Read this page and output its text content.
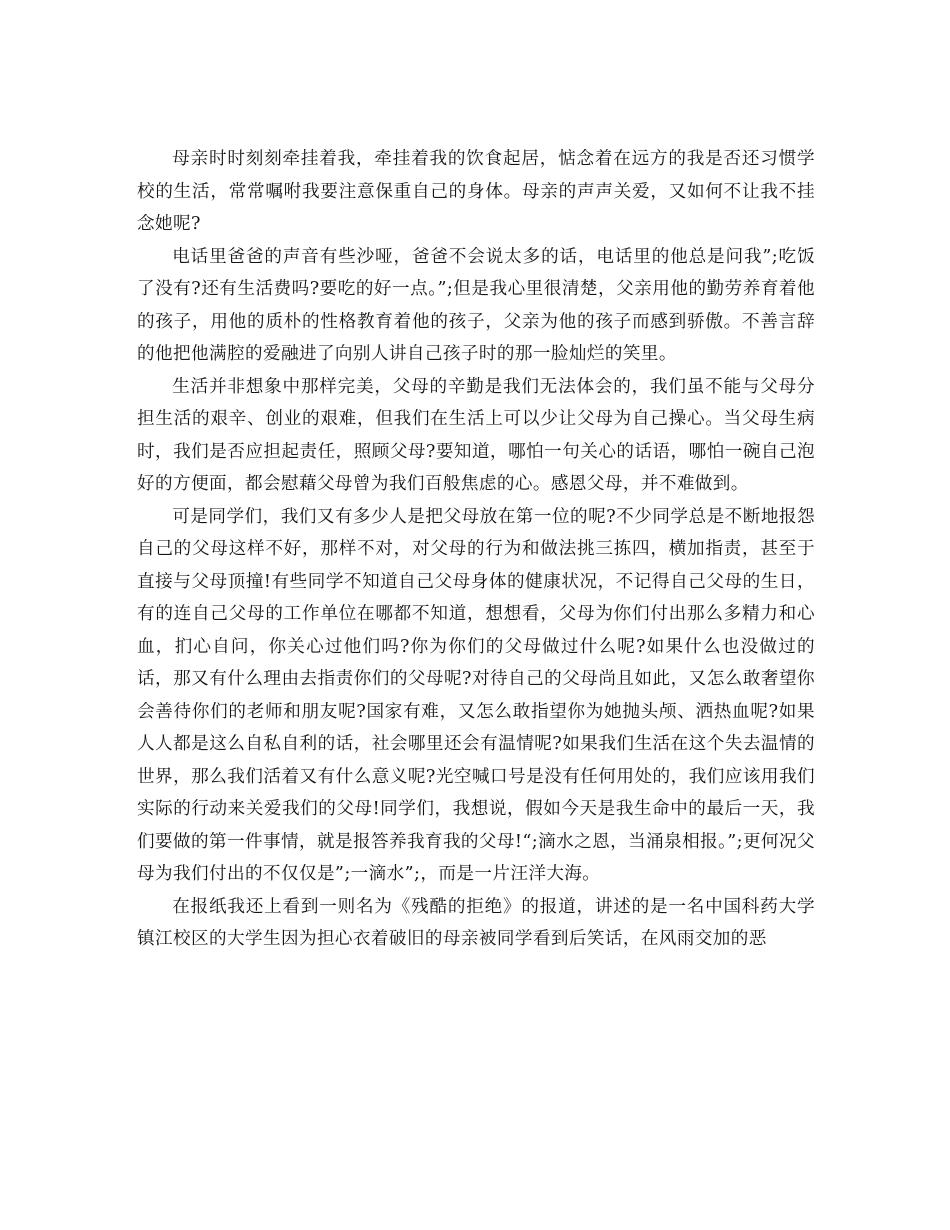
母亲时时刻刻牵挂着我，牵挂着我的饮食起居，惦念着在远方的我是否还习惯学校的生活，常常嘱咐我要注意保重自己的身体。母亲的声声关爱，又如何不让我不挂念她呢?

电话里爸爸的声音有些沙哑，爸爸不会说太多的话，电话里的他总是问我”;吃饭了没有?还有生活费吗?要吃的好一点。”;但是我心里很清楚，父亲用他的勤劳养育着他的孩子，用他的质朴的性格教育着他的孩子，父亲为他的孩子而感到骄傲。不善言辞的他把他满腔的爱融进了向别人讲自己孩子时的那一脸灿烂的笑里。

生活并非想象中那样完美，父母的辛勤是我们无法体会的，我们虽不能与父母分担生活的艰辛、创业的艰难，但我们在生活上可以少让父母为自己操心。当父母生病时，我们是否应担起责任，照顾父母?要知道，哪怕一句关心的话语，哪怕一碗自己泡好的方便面，都会慰藉父母曾为我们百般焦虑的心。感恩父母，并不难做到。

可是同学们，我们又有多少人是把父母放在第一位的呢?不少同学总是不断地报怨自己的父母这样不好，那样不对，对父母的行为和做法挑三拣四，横加指责，甚至于直接与父母顶撞!有些同学不知道自己父母身体的健康状况，不记得自己父母的生日，有的连自己父母的工作单位在哪都不知道，想想看，父母为你们付出那么多精力和心血，扪心自问，你关心过他们吗?你为你们的父母做过什么呢?如果什么也没做过的话，那又有什么理由去指责你们的父母呢?对待自己的父母尚且如此，又怎么敢奢望你会善待你们的老师和朋友呢?国家有难，又怎么敢指望你为她抛头颅、洒热血呢?如果人人都是这么自私自利的话，社会哪里还会有温情呢?如果我们生活在这个失去温情的世界，那么我们活着又有什么意义呢?光空喊口号是没有任何用处的，我们应该用我们实际的行动来关爱我们的父母!同学们，我想说，假如今天是我生命中的最后一天，我们要做的第一件事情，就是报答养我育我的父母!“;滴水之恩，当涌泉相报。”;更何况父母为我们付出的不仅仅是”;一滴水”;，而是一片汪洋大海。

在报纸我还上看到一则名为《残酷的拒绝》的报道，讲述的是一名中国科药大学镇江校区的大学生因为担心衣着破旧的母亲被同学看到后笑话，在风雨交加的恶
